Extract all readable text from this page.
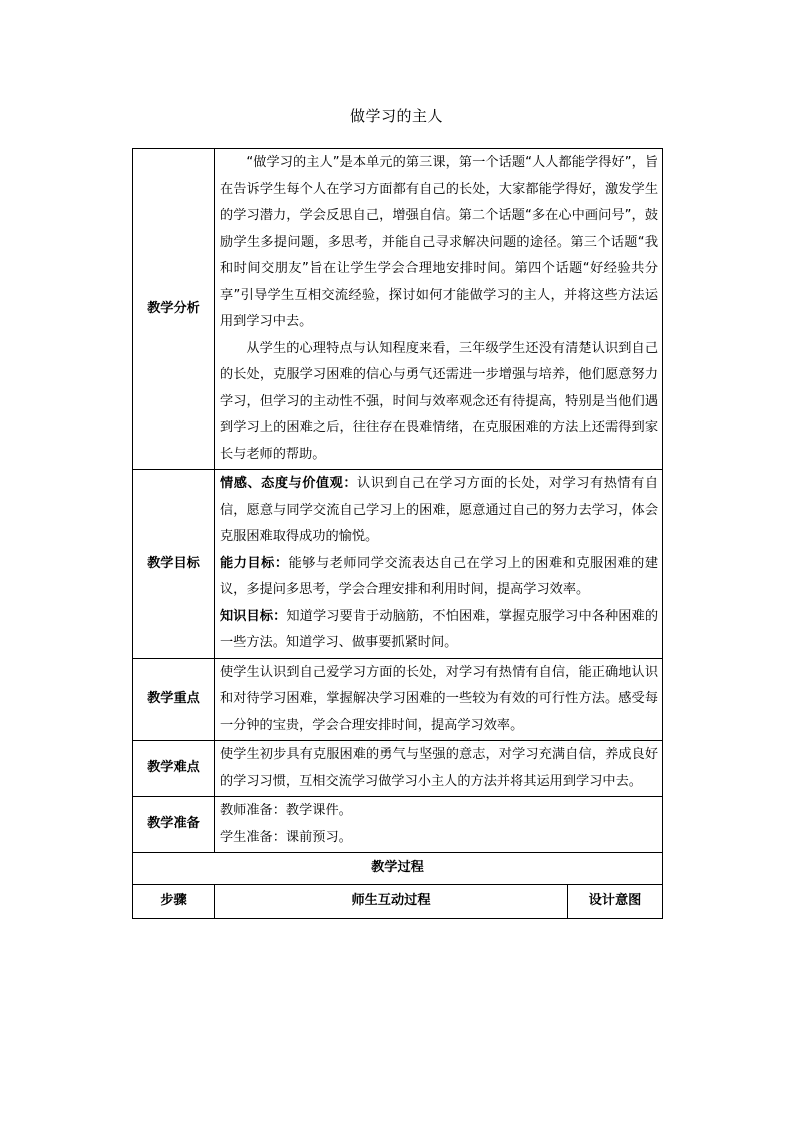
做学习的主人
教学分析	“做学习的主人”是本单元的第三课，第一个话题“人人都能学得好”，旨在告诉学生每个人在学习方面都有自己的长处，大家都能学得好，激发学生的学习潜力，学会反思自己，增强自信。第二个话题“多在心中画问号”，鼓励学生多提问题，多思考，并能自己寻求解决问题的途径。第三个话题“我和时间交朋友”旨在让学生学会合理地安排时间。第四个话题“好经验共分享”引导学生互相交流经验，探讨如何才能做学习的主人，并将这些方法运用到学习中去。

从学生的心理特点与认知程度来看，三年级学生还没有清楚认识到自己的长处，克服学习困难的信心与勇气还需进一步增强与培养，他们愿意努力学习，但学习的主动性不强，时间与效率观念还有待提高，特别是当他们遇到学习上的困难之后，往往存在畏难情绪，在克服困难的方法上还需得到家长与老师的帮助。	

教学目标	情感、态度与价值观：认识到自己在学习方面的长处，对学习有热情有自信，愿意与同学交流自己学习上的困难，愿意通过自己的努力去学习，体会克服困难取得成功的愉悦。

能力目标：能够与老师同学交流表达自己在学习上的困难和克服困难的建议，多提问多思考，学会合理安排和利用时间，提高学习效率。

知识目标：知道学习要肯于动脑筋，不怕困难，掌握克服学习中各种困难的一些方法。知道学习、做事要抓紧时间。	

教学重点	使学生认识到自己爱学习方面的长处，对学习有热情有自信，能正确地认识和对待学习困难，掌握解决学习困难的一些较为有效的可行性方法。感受每一分钟的宝贵，学会合理安排时间，提高学习效率。	

教学难点	使学生初步具有克服困难的勇气与坚强的意志，对学习充满自信，养成良好的学习习惯，互相交流学习做学习小主人的方法并将其运用到学习中去。	

教学准备	教师准备：教学课件。

学生准备：课前预习。	

教学过程		
步骤	师生互动过程	设计意图
